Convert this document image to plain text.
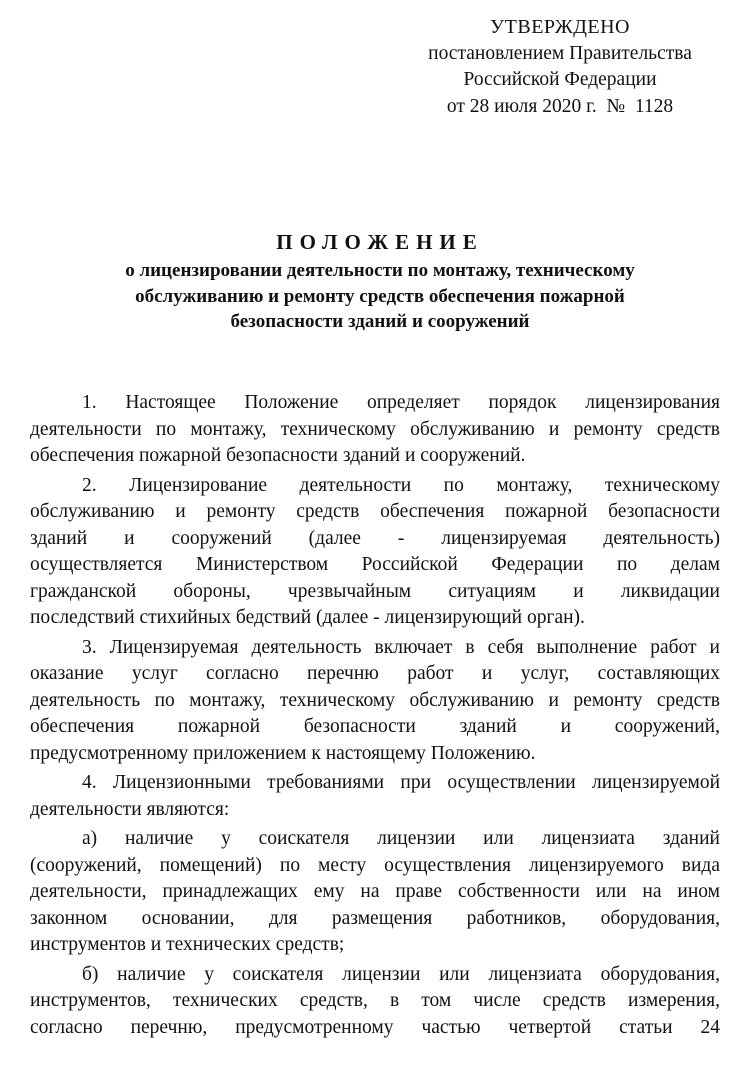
УТВЕРЖДЕНО
постановлением Правительства
Российской Федерации
от 28 июля 2020 г.  №  1128
ПОЛОЖЕНИЕ
о лицензировании деятельности по монтажу, техническому
обслуживанию и ремонту средств обеспечения пожарной
безопасности зданий и сооружений
1. Настоящее Положение определяет порядок лицензирования
деятельности по монтажу, техническому обслуживанию и ремонту средств
обеспечения пожарной безопасности зданий и сооружений.
2. Лицензирование деятельности по монтажу, техническому
обслуживанию и ремонту средств обеспечения пожарной безопасности
зданий и сооружений (далее - лицензируемая деятельность)
осуществляется Министерством Российской Федерации по делам
гражданской обороны, чрезвычайным ситуациям и ликвидации
последствий стихийных бедствий (далее - лицензирующий орган).
3. Лицензируемая деятельность включает в себя выполнение работ и
оказание услуг согласно перечню работ и услуг, составляющих
деятельность по монтажу, техническому обслуживанию и ремонту средств
обеспечения пожарной безопасности зданий и сооружений,
предусмотренному приложением к настоящему Положению.
4. Лицензионными требованиями при осуществлении лицензируемой
деятельности являются:
а) наличие у соискателя лицензии или лицензиата зданий
(сооружений, помещений) по месту осуществления лицензируемого вида
деятельности, принадлежащих ему на праве собственности или на ином
законном основании, для размещения работников, оборудования,
инструментов и технических средств;
б) наличие у соискателя лицензии или лицензиата оборудования,
инструментов, технических средств, в том числе средств измерения,
согласно перечню, предусмотренному частью четвертой статьи 24
